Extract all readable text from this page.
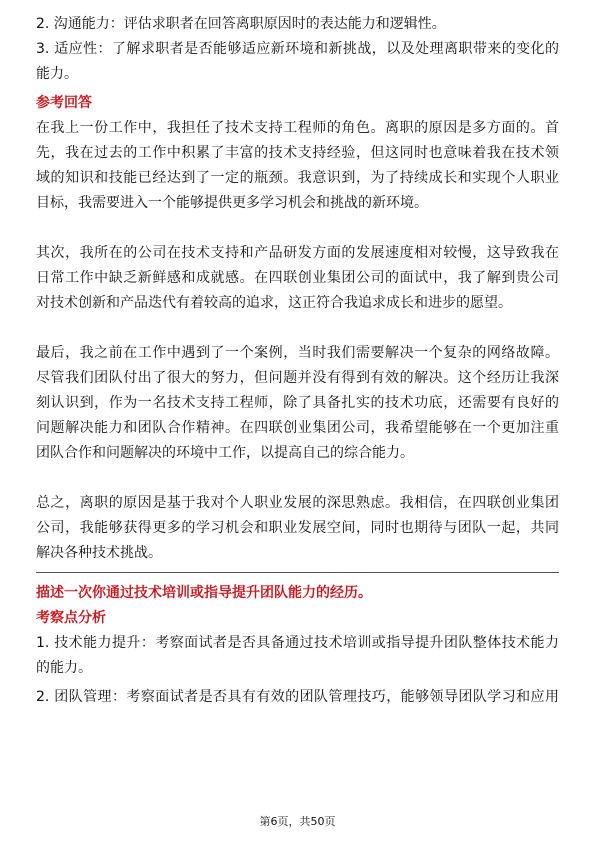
2. 沟通能力：评估求职者在回答离职原因时的表达能力和逻辑性。
3. 适应性：了解求职者是否能够适应新环境和新挑战，以及处理离职带来的变化的
能力。
参考回答
在我上一份工作中，我担任了技术支持工程师的角色。离职的原因是多方面的。首
先，我在过去的工作中积累了丰富的技术支持经验，但这同时也意味着我在技术领
域的知识和技能已经达到了一定的瓶颈。我意识到，为了持续成长和实现个人职业
目标，我需要进入一个能够提供更多学习机会和挑战的新环境。
其次，我所在的公司在技术支持和产品研发方面的发展速度相对较慢，这导致我在
日常工作中缺乏新鲜感和成就感。在四联创业集团公司的面试中，我了解到贵公司
对技术创新和产品迭代有着较高的追求，这正符合我追求成长和进步的愿望。
最后，我之前在工作中遇到了一个案例，当时我们需要解决一个复杂的网络故障。
尽管我们团队付出了很大的努力，但问题并没有得到有效的解决。这个经历让我深
刻认识到，作为一名技术支持工程师，除了具备扎实的技术功底，还需要有良好的
问题解决能力和团队合作精神。在四联创业集团公司，我希望能够在一个更加注重
团队合作和问题解决的环境中工作，以提高自己的综合能力。
总之，离职的原因是基于我对个人职业发展的深思熟虑。我相信，在四联创业集团
公司，我能够获得更多的学习机会和职业发展空间，同时也期待与团队一起，共同
解决各种技术挑战。
描述一次你通过技术培训或指导提升团队能力的经历。
考察点分析
1. 技术能力提升：考察面试者是否具备通过技术培训或指导提升团队整体技术能力
的能力。
2. 团队管理：考察面试者是否具有有效的团队管理技巧，能够领导团队学习和应用
第6页，共50页
